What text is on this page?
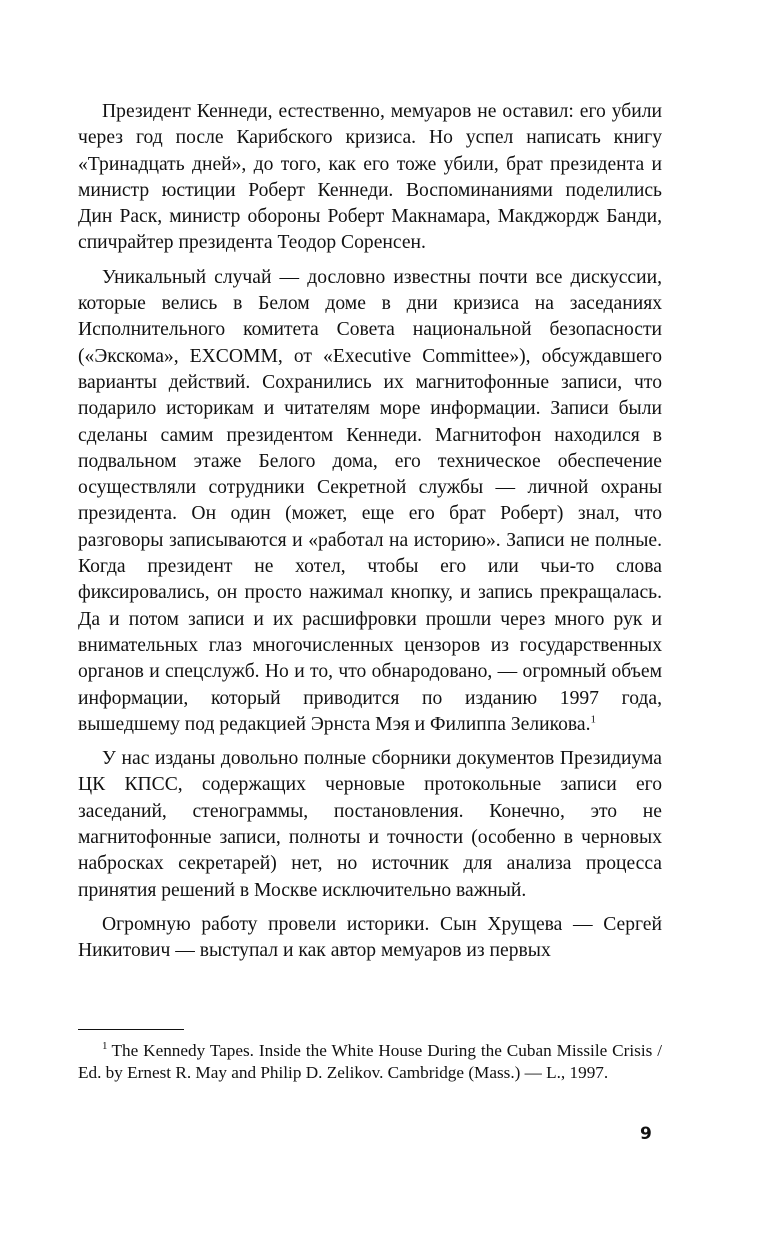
Президент Кеннеди, естественно, мемуаров не оставил: его убили через год после Карибского кризиса. Но успел написать книгу «Тринадцать дней», до того, как его тоже убили, брат президента и министр юстиции Роберт Кеннеди. Воспоминаниями поделились Дин Раск, министр обороны Роберт Макнамара, Макджордж Банди, спичрайтер президента Теодор Соренсен.

Уникальный случай — дословно известны почти все дискуссии, которые велись в Белом доме в дни кризиса на заседаниях Исполнительного комитета Совета национальной безопасности («Экскома», EXCOMM, от «Executive Committee»), обсуждавшего варианты действий. Сохранились их магнитофонные записи, что подарило историкам и читателям море информации. Записи были сделаны самим президентом Кеннеди. Магнитофон находился в подвальном этаже Белого дома, его техническое обеспечение осуществляли сотрудники Секретной службы — личной охраны президента. Он один (может, еще его брат Роберт) знал, что разговоры записываются и «работал на историю». Записи не полные. Когда президент не хотел, чтобы его или чьи-то слова фиксировались, он просто нажимал кнопку, и запись прекращалась. Да и потом записи и их расшифровки прошли через много рук и внимательных глаз многочисленных цензоров из государственных органов и спецслужб. Но и то, что обнародовано, — огромный объем информации, который приводится по изданию 1997 года, вышедшему под редакцией Эрнста Мэя и Филиппа Зеликова.$^1$

У нас изданы довольно полные сборники документов Президиума ЦК КПСС, содержащих черновые протокольные записи его заседаний, стенограммы, постановления. Конечно, это не магнитофонные записи, полноты и точности (особенно в черновых набросках секретарей) нет, но источник для анализа процесса принятия решений в Москве исключительно важный.

Огромную работу провели историки. Сын Хрущева — Сергей Никитович — выступал и как автор мемуаров из первых

$^1$ The Kennedy Tapes. Inside the White House During the Cuban Missile Crisis / Ed. by Ernest R. May and Philip D. Zelikov. Cambridge (Mass.) — L., 1997.

9
